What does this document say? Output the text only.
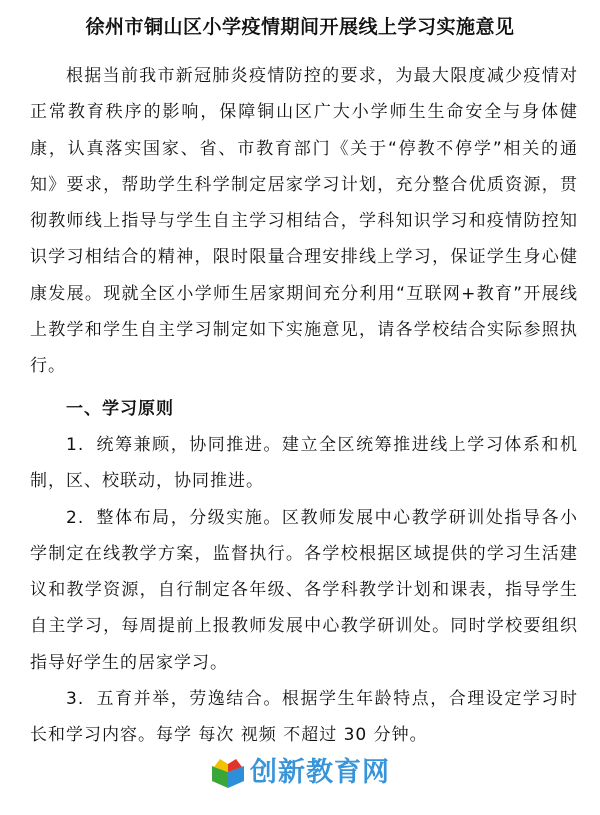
徐州市铜山区小学疫情期间开展线上学习实施意见

根据当前我市新冠肺炎疫情防控的要求，为最大限度减少疫情对正常教育秩序的影响，保障铜山区广大小学师生生命安全与身体健康，认真落实国家、省、市教育部门《关于“停教不停学”相关的通知》要求，帮助学生科学制定居家学习计划，充分整合优质资源，贯彻教师线上指导与学生自主学习相结合，学科知识学习和疫情防控知识学习相结合的精神，限时限量合理安排线上学习，保证学生身心健康发展。现就全区小学师生居家期间充分利用“互联网+教育”开展线上教学和学生自主学习制定如下实施意见，请各学校结合实际参照执行。

一、学习原则

1. 统筹兼顾，协同推进。建立全区统筹推进线上学习体系和机制，区、校联动，协同推进。

2. 整体布局，分级实施。区教师发展中心教学研训处指导各小学制定在线教学方案，监督执行。各学校根据区域提供的学习生活建议和教学资源，自行制定各年级、各学科教学计划和课表，指导学生自主学习，每周提前上报教师发展中心教学研训处。同时学校要组织指导好学生的居家学习。

3. 五育并举，劳逸结合。根据学生年龄特点，合理设定学习时长和学习内容。每学 每次 视频 不超过 30 分钟。

创新教育网
